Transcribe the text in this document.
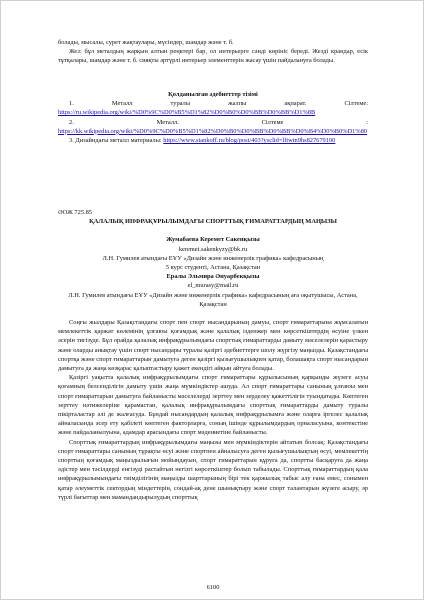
болады, мысалы, сурет жақтаулары, мүсіндер, шамдар және т. б.

Жез: бұл металдың жарқын алтын реңктері бар, ол интерьерге сәнді көрініс береді. Жезді крандар, есік тұтқалары, шамдар және т. б. сияқты әртүрлі интерьер элементтерін жасау үшін пайдалануға болады.

Қолданылған әдебиеттер тізімі

1. Металл туралы жалпы ақпарат. Сілтеме: https://ru.wikipedia.org/wiki/%D0%9C%D0%B5%D1%82%D0%B0%D0%BB%D0%BB%D1%8B

2. Металл. Сілтеме : https://kk.wikipedia.org/wiki/%D0%9C%D0%B5%D1%82%D0%B0%D0%BB%D0%BB%D0%B4%D0%B0%D1%80

3. Дизайндағы металл материалы: https://www.stankoff.ru/blog/post/403?ysclid=lftwtn9hs827679100

ӘОЖ 725.85

ҚАЛАЛЫҚ ИНФРАҚҰРЫЛЫМДАҒЫ СПОРТТЫҚ ҒИМАРАТТАРДЫҢ МАҢЫЗЫ

Жумабаева Керемет Сакенқызы

keremet.sakenkyzy@bk.ru

Л.Н. Гумилев атындағы ЕҰУ «Дизайн және инженерлік графика» кафедрасының

5 курс студенті, Астана, Қазақстан

Ералы Эльмира Әнуарбекқызы

el_murasy@mail.ru

Л.Н. Гумилев атындағы ЕҰУ «Дизайн және инженерлік графика» кафедрасының аға оқытушысы, Астана, Қазақстан

Соңғы жылдары Қазақстандағы спорт пен спорт нысандарының дамуы, спорт ғимараттарына жұмсалатын мемлекеттік қаржат көлемінің ұлғаюы қоғамдық және қалалық ізденжер мен көрсеткіштердің өсуіне үлкен әсерін тигізуде. Бұл орайда қалалық инфрақұрылымдағы спорттық ғимараттарды дамыту мәселелерін қарастыру және оларды анықтау үшін спорт нысандары туралы қазіргі әдебиеттерге шолу жүргізу маңызды. Қазақстандағы спортқа және спорт ғимараттарын дамытуға деген қазіргі қызығушылықпен қатар, болашақта спорт нысандарын дамытуға да жаңа көзқарас қалыптастыру қажет екендігі айқын айтуға болады.

Қазіргі уақытта қалалық инфрақұрылымдағы спорт ғимараттары құрылысының қарқынды жүзеге асуы қоғамның белсенділігін дамыту үшін жаңа мүмкіндіктер ашуда. Ал спорт ғимараттары санының ұлғаюы мен спорт ғимараттарын дамытуға байланысты мәселелерді зерттеу мен зерделеу қажеттілігін туындатады. Көптеген зерттеу нәтижелеріне қарамастан, қалалық инфрақұрылымдағы спорттық ғимараттарды дамыту туралы пікірталастар әлі де жалғасуда. Бұндай нысандардың қалалық инфрақұрылымға және оларға іргелес қалалық айналасында әсер ету қабілеті көптеген факторларға, соның ішінде құрылымдардың орналасуына, контекстіне және пайдаланылуына, адамдар арасындағы спорт мәдениетіне байланысты.

Спорттық ғимараттардың инфрақұрылымдағы маңызы мен мүмкіндіктерін айтатын болсақ: Қазақстандағы спорт ғимараттары санының тұрақты өсуі және спортпен айналысуға деген қызығушылықтың өсуі, мемлекеттің спорттың қоғамдық маңыздылығын мойындауын, спорт ғимараттарын құруға да, спортты басқаруға да жаңа әдістер мен тәсілдерді енгізуді растайтын негізгі көрсеткіштер болып табылады. Спорттық ғимараттардың қала инфрақұрылымындағы тиімділігінің маңызды шарттарының бірі тек қаржылық табыс алу ғана емес, сонымен қатар әлеуметтік сектордың міндеттерін, сондай-ақ дене шынықтыру және спорт талантарын жүзеге асыру, әр түрлі бағыттар мен мамандандырылудың спорттық

6100
